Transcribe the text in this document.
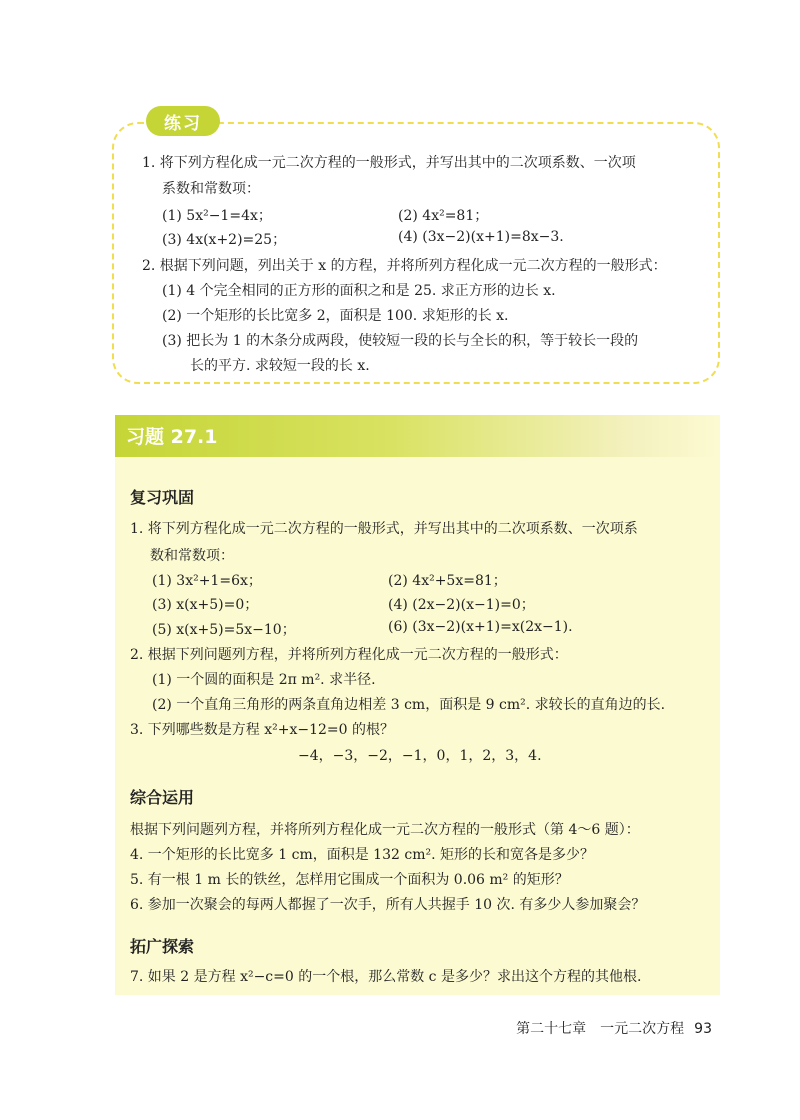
练习
1. 将下列方程化成一元二次方程的一般形式，并写出其中的二次项系数、一次项
系数和常数项：
(1) 5x²−1=4x；	(2) 4x²=81；
(3) 4x(x+2)=25；	(4) (3x−2)(x+1)=8x−3.
2. 根据下列问题，列出关于 x 的方程，并将所列方程化成一元二次方程的一般形式：
(1) 4 个完全相同的正方形的面积之和是 25. 求正方形的边长 x.
(2) 一个矩形的长比宽多 2，面积是 100. 求矩形的长 x.
(3) 把长为 1 的木条分成两段，使较短一段的长与全长的积，等于较长一段的
长的平方. 求较短一段的长 x.
习题 27.1
复习巩固
1. 将下列方程化成一元二次方程的一般形式，并写出其中的二次项系数、一次项系
数和常数项：
(1) 3x²+1=6x；	(2) 4x²+5x=81；
(3) x(x+5)=0；	(4) (2x−2)(x−1)=0；
(5) x(x+5)=5x−10；	(6) (3x−2)(x+1)=x(2x−1).
2. 根据下列问题列方程，并将所列方程化成一元二次方程的一般形式：
(1) 一个圆的面积是 2π m². 求半径.
(2) 一个直角三角形的两条直角边相差 3 cm，面积是 9 cm². 求较长的直角边的长.
3. 下列哪些数是方程 x²+x−12=0 的根？
−4，−3，−2，−1，0，1，2，3，4.
综合运用
根据下列问题列方程，并将所列方程化成一元二次方程的一般形式（第 4～6 题）：
4. 一个矩形的长比宽多 1 cm，面积是 132 cm². 矩形的长和宽各是多少？
5. 有一根 1 m 长的铁丝，怎样用它围成一个面积为 0.06 m² 的矩形？
6. 参加一次聚会的每两人都握了一次手，所有人共握手 10 次. 有多少人参加聚会？
拓广探索
7. 如果 2 是方程 x²−c=0 的一个根，那么常数 c 是多少？求出这个方程的其他根.
第二十七章　一元二次方程 93
